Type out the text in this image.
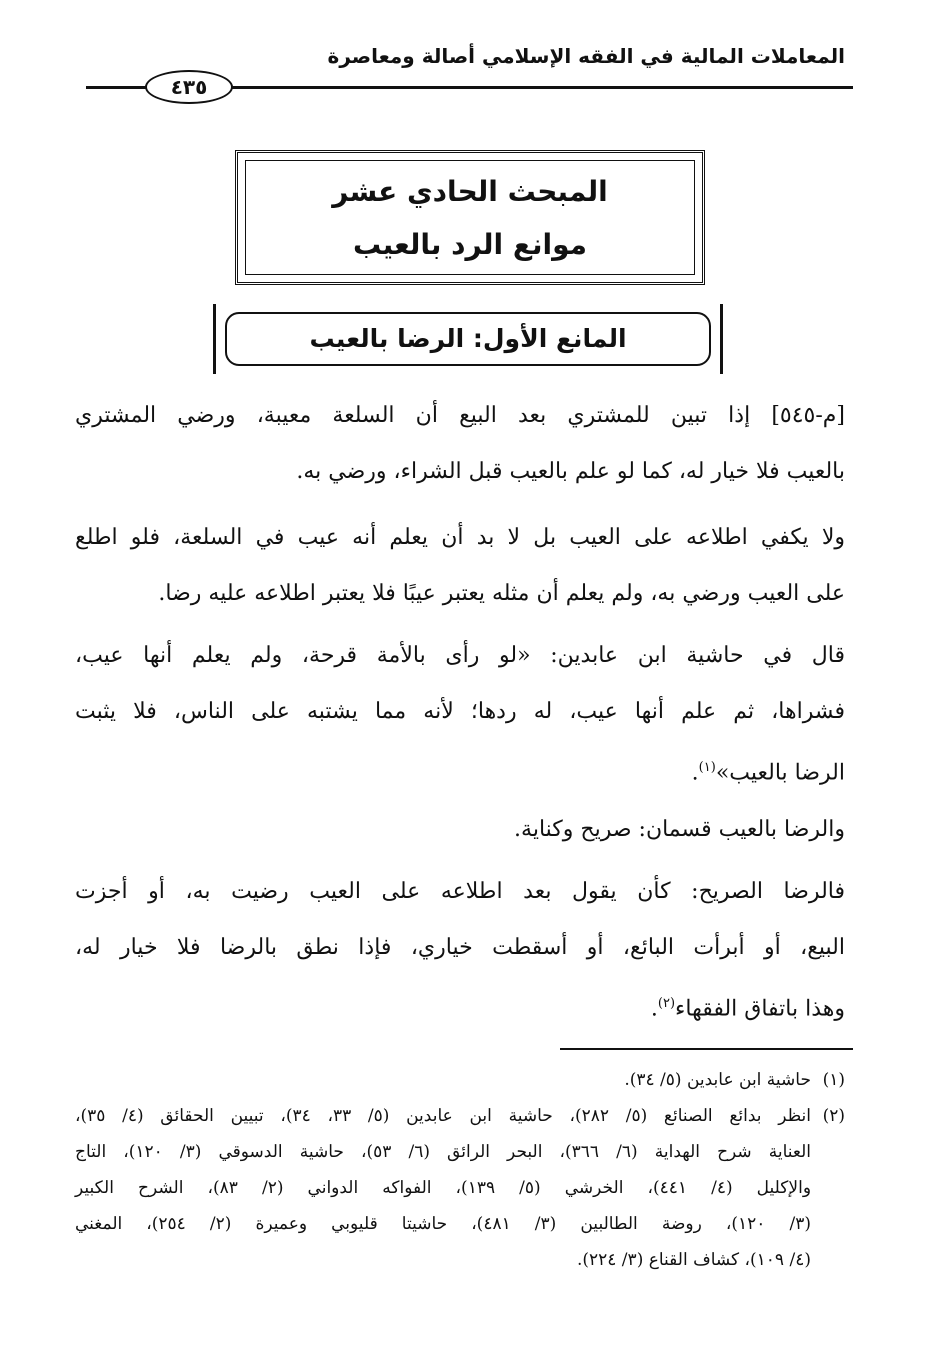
المعاملات المالية في الفقه الإسلامي أصالة ومعاصرة
٤٣٥
المبحث الحادي عشر
موانع الرد بالعيب
المانع الأول: الرضا بالعيب
[م-٥٤٥] إذا تبين للمشتري بعد البيع أن السلعة معيبة، ورضي المشتري
بالعيب فلا خيار له، كما لو علم بالعيب قبل الشراء، ورضي به.
ولا يكفي اطلاعه على العيب بل لا بد أن يعلم أنه عيب في السلعة، فلو اطلع
على العيب ورضي به، ولم يعلم أن مثله يعتبر عيبًا فلا يعتبر اطلاعه عليه رضا.
قال في حاشية ابن عابدين: «لو رأى بالأمة قرحة، ولم يعلم أنها عيب،
فشراها، ثم علم أنها عيب، له ردها؛ لأنه مما يشتبه على الناس، فلا يثبت
الرضا بالعيب»$^{(١)}$.
والرضا بالعيب قسمان: صريح وكناية.
فالرضا الصريح: كأن يقول بعد اطلاعه على العيب رضيت به، أو أجزت
البيع، أو أبرأت البائع، أو أسقطت خياري، فإذا نطق بالرضا فلا خيار له،
وهذا باتفاق الفقهاء$^{(٢)}$.
(١)حاشية ابن عابدين (٥/ ٣٤).
(٢)انظر بدائع الصنائع (٥/ ٢٨٢)، حاشية ابن عابدين (٥/ ٣٣، ٣٤)، تبيين الحقائق (٤/ ٣٥)،
العناية شرح الهداية (٦/ ٣٦٦)، البحر الرائق (٦/ ٥٣)، حاشية الدسوقي (٣/ ١٢٠)، التاج
والإكليل (٤/ ٤٤١)، الخرشي (٥/ ١٣٩)، الفواكه الدواني (٢/ ٨٣)، الشرح الكبير
(٣/ ١٢٠)، روضة الطالبين (٣/ ٤٨١)، حاشيتا قليوبي وعميرة (٢/ ٢٥٤)، المغني
(٤/ ١٠٩)، كشاف القناع (٣/ ٢٢٤).
